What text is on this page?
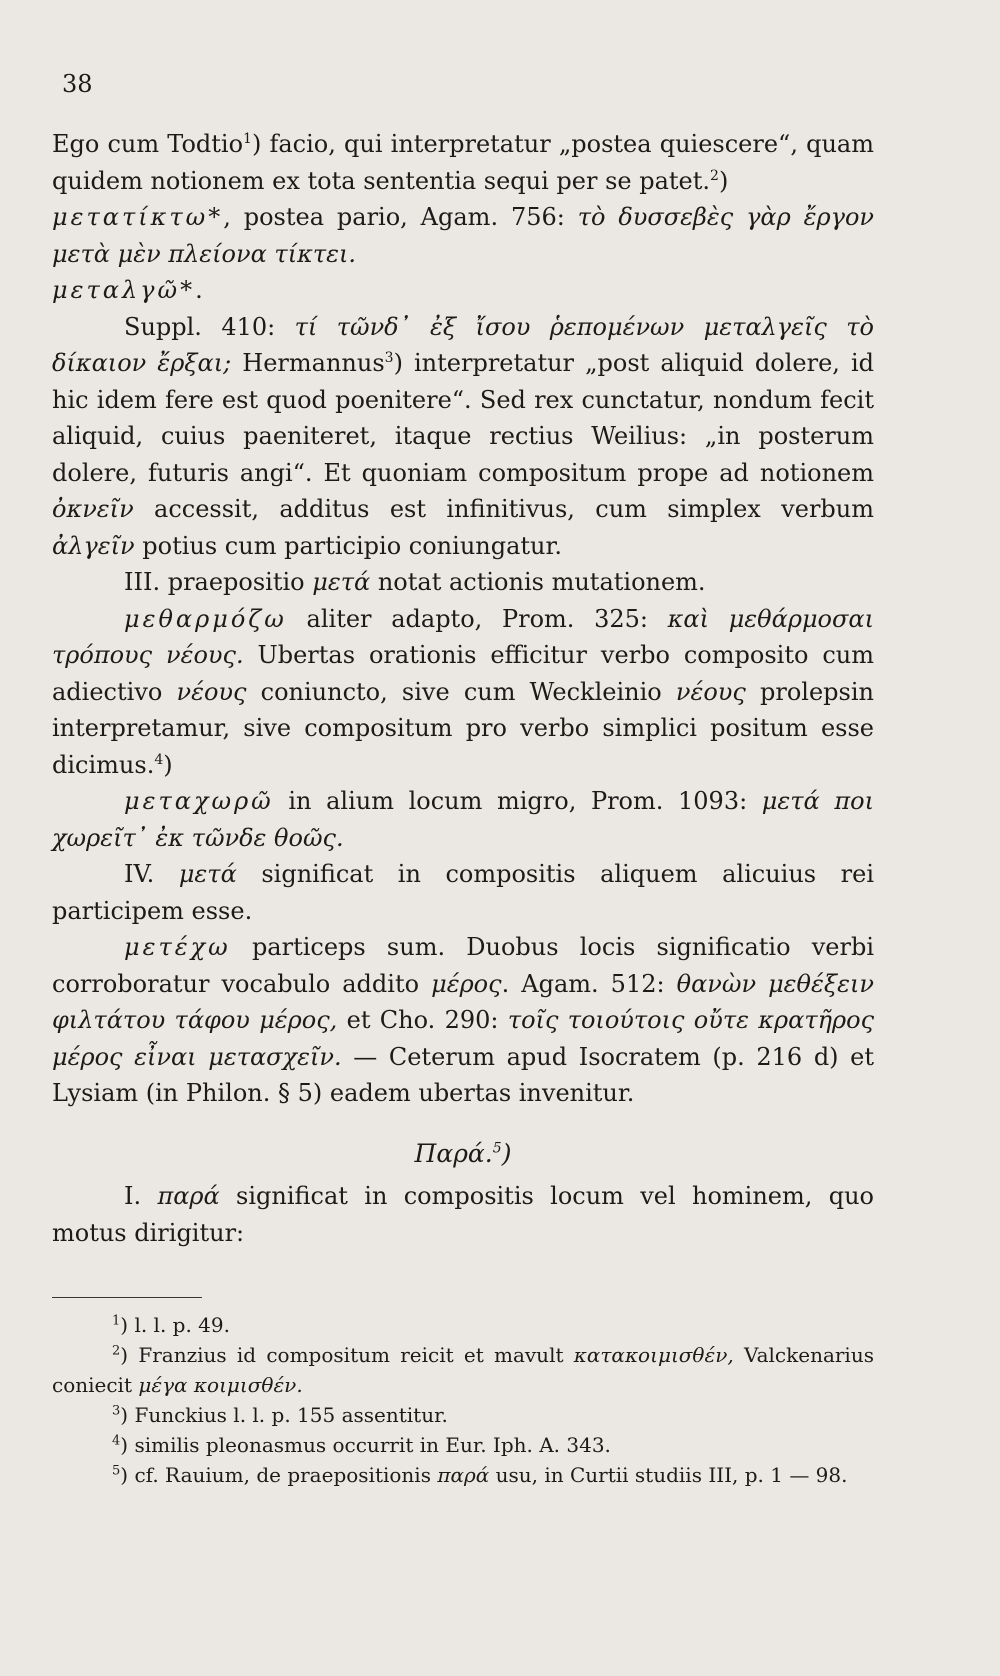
38

Ego cum Todtio$^1$) facio, qui interpretatur „postea quiescere“, quam quidem notionem ex tota sententia sequi per se patet.$^2$)

μετατίκτω*, postea pario, Agam. 756: τὸ δυσσεβὲς γὰρ ἔργον μετὰ μὲν πλείονα τίκτει.

μεταλγῶ*.

Suppl. 410: τί τῶνδ᾽ ἐξ ἴσου ῥεπομένων μεταλγεῖς τὸ δίκαιον ἔρξαι; Hermannus$^3$) interpretatur „post aliquid dolere, id hic idem fere est quod poenitere“. Sed rex cunctatur, nondum fecit aliquid, cuius paeniteret, itaque rectius Weilius: „in posterum dolere, futuris angi“. Et quoniam compositum prope ad notionem ὀκνεῖν accessit, additus est infinitivus, cum simplex verbum ἀλγεῖν potius cum participio coniungatur.

III. praepositio μετά notat actionis mutationem.

μεθαρμόζω aliter adapto, Prom. 325: καὶ μεθάρμοσαι τρόπους νέους. Ubertas orationis efficitur verbo composito cum adiectivo νέους coniuncto, sive cum Weckleinio νέους prolepsin interpretamur, sive compositum pro verbo simplici positum esse dicimus.$^4$)

μεταχωρῶ in alium locum migro, Prom. 1093: μετά ποι χωρεῖτ᾽ ἐκ τῶνδε θοῶς.

IV. μετά significat in compositis aliquem alicuius rei participem esse.

μετέχω particeps sum. Duobus locis significatio verbi corroboratur vocabulo addito μέρος. Agam. 512: θανὼν μεθέξειν φιλτάτου τάφου μέρος, et Cho. 290: τοῖς τοιούτοις οὔτε κρατῆρος μέρος εἶναι μετασχεῖν. — Ceterum apud Isocratem (p. 216 d) et Lysiam (in Philon. § 5) eadem ubertas invenitur.

Παρά.$^5$)

I. παρά significat in compositis locum vel hominem, quo motus dirigitur:

$^1$) l. l. p. 49.

$^2$) Franzius id compositum reicit et mavult κατακοιμισθέν, Valckenarius coniecit μέγα κοιμισθέν.

$^3$) Funckius l. l. p. 155 assentitur.

$^4$) similis pleonasmus occurrit in Eur. Iph. A. 343.

$^5$) cf. Rauium, de praepositionis παρά usu, in Curtii studiis III, p. 1 — 98.
